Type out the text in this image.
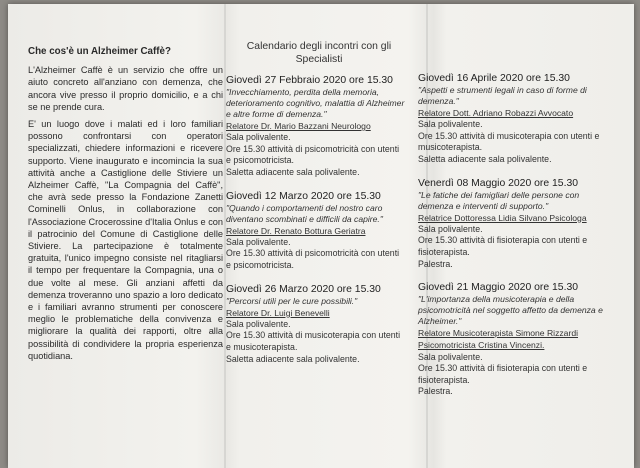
Che cos'è un Alzheimer Caffè?

L'Alzheimer Caffè è un servizio che offre un aiuto concreto all'anziano con demenza, che ancora vive presso il proprio domicilio, e a chi se ne prende cura.

E' un luogo dove i malati ed i loro familiari possono confrontarsi con operatori specializzati, chiedere informazioni e ricevere supporto. Viene inaugurato e incomincia la sua attività anche a Castiglione delle Stiviere un Alzheimer Caffè, "La Compagnia del Caffè", che avrà sede presso la Fondazione Zanetti Cominelli Onlus, in collaborazione con l'Associazione Crocerossine d'Italia Onlus e con il patrocinio del Comune di Castiglione delle Stiviere. La partecipazione è totalmente gratuita, l'unico impegno consiste nel ritagliarsi il tempo per frequentare la Compagnia, una o due volte al mese. Gli anziani affetti da demenza troveranno uno spazio a loro dedicato e i familiari avranno strumenti per conoscere meglio le problematiche della convivenza e migliorare la qualità dei rapporti, oltre alla possibilità di condividere la propria esperienza quotidiana.

Calendario degli incontri con gli Specialisti
Giovedì 27 Febbraio 2020 ore 15.30
"Invecchiamento, perdita della memoria, deterioramento cognitivo, malattia di Alzheimer e altre forme di demenza."
Relatore Dr. Mario Bazzani Neurologo
Sala polivalente.
Ore 15.30 attività di psicomotricità con utenti e psicomotricista.
Saletta adiacente sala polivalente.
Giovedì 12 Marzo 2020 ore 15.30
"Quando i comportamenti del nostro caro diventano scombinati e difficili da capire."
Relatore Dr. Renato Bottura Geriatra
Sala polivalente.
Ore 15.30 attività di psicomotricità con utenti e psicomotricista.
Giovedì 26 Marzo 2020 ore 15.30
"Percorsi utili per le cure possibili."
Relatore Dr. Luigi Benevelli
Sala polivalente.
Ore 15.30 attività di musicoterapia con utenti e musicoterapista.
Saletta adiacente sala polivalente.
Giovedì 16 Aprile 2020 ore 15.30
"Aspetti e strumenti legali in caso di forme di demenza."
Relatore Dott. Adriano Robazzi Avvocato
Sala polivalente.
Ore 15.30 attività di musicoterapia con utenti e musicoterapista.
Saletta adiacente sala polivalente.
Venerdì 08 Maggio 2020 ore 15.30
"Le fatiche dei famigliari delle persone con demenza e interventi di supporto."
Relatrice Dottoressa Lidia Silvano Psicologa
Sala polivalente.
Ore 15.30 attività di fisioterapia con utenti e fisioterapista.
Palestra.
Giovedì 21 Maggio 2020 ore 15.30
"L'importanza della musicoterapia e della psicomotricità nel soggetto affetto da demenza e Alzheimer."
Relatore Musicoterapista Simone Rizzardi Psicomotricista Cristina Vincenzi.
Sala polivalente.
Ore 15.30 attività di fisioterapia con utenti e fisioterapista.
Palestra.
